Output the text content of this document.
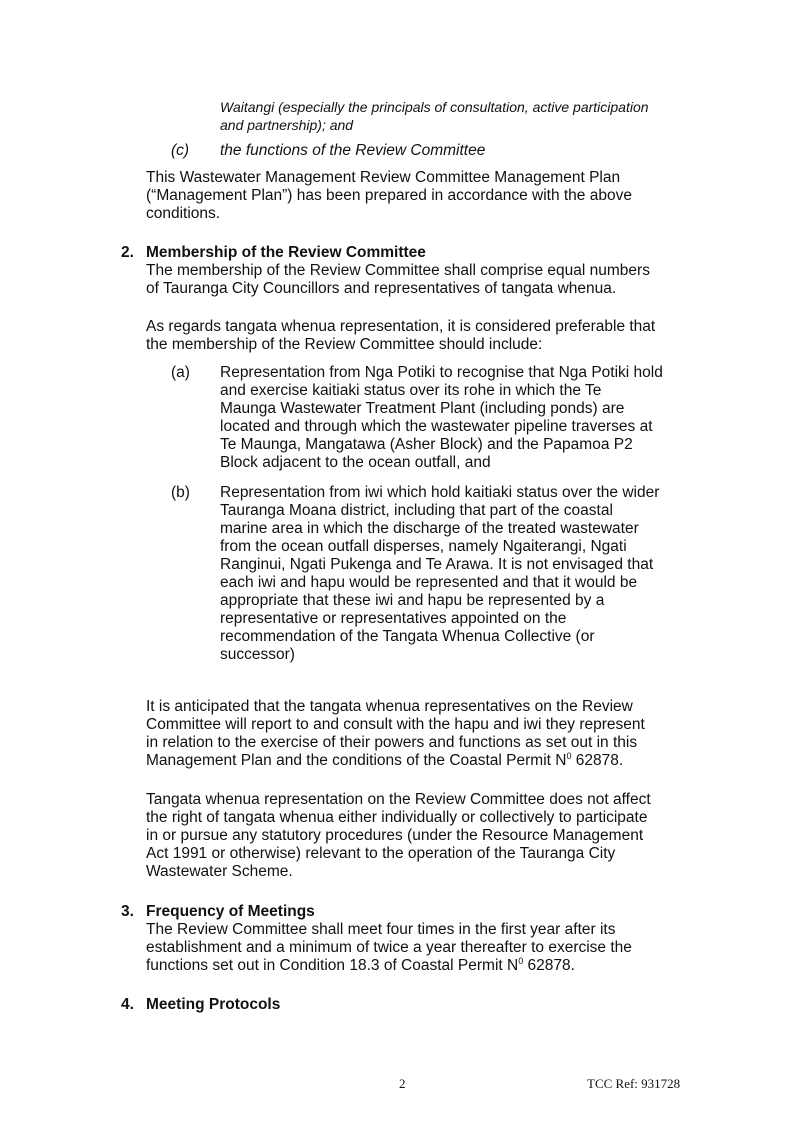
Waitangi (especially the principals of consultation, active participation

and partnership); and

(c) the functions of the Review Committee

This Wastewater Management Review Committee Management Plan

(“Management Plan”) has been prepared in accordance with the above

conditions.

2. Membership of the Review Committee

The membership of the Review Committee shall comprise equal numbers

of Tauranga City Councillors and representatives of tangata whenua.

As regards tangata whenua representation, it is considered preferable that

the membership of the Review Committee should include:

(a) Representation from Nga Potiki to recognise that Nga Potiki hold

and exercise kaitiaki status over its rohe in which the Te

Maunga Wastewater Treatment Plant (including ponds) are

located and through which the wastewater pipeline traverses at

Te Maunga, Mangatawa (Asher Block) and the Papamoa P2

Block adjacent to the ocean outfall, and

(b) Representation from iwi which hold kaitiaki status over the wider

Tauranga Moana district, including that part of the coastal

marine area in which the discharge of the treated wastewater

from the ocean outfall disperses, namely Ngaiterangi, Ngati

Ranginui, Ngati Pukenga and Te Arawa. It is not envisaged that

each iwi and hapu would be represented and that it would be

appropriate that these iwi and hapu be represented by a

representative or representatives appointed on the

recommendation of the Tangata Whenua Collective (or

successor)

It is anticipated that the tangata whenua representatives on the Review

Committee will report to and consult with the hapu and iwi they represent

in relation to the exercise of their powers and functions as set out in this

Management Plan and the conditions of the Coastal Permit $N^0$ 62878.

Tangata whenua representation on the Review Committee does not affect

the right of tangata whenua either individually or collectively to participate

in or pursue any statutory procedures (under the Resource Management

Act 1991 or otherwise) relevant to the operation of the Tauranga City

Wastewater Scheme.

3. Frequency of Meetings

The Review Committee shall meet four times in the first year after its

establishment and a minimum of twice a year thereafter to exercise the

functions set out in Condition 18.3 of Coastal Permit $N^0$ 62878.

4. Meeting Protocols
2	TCC Ref: 931728
